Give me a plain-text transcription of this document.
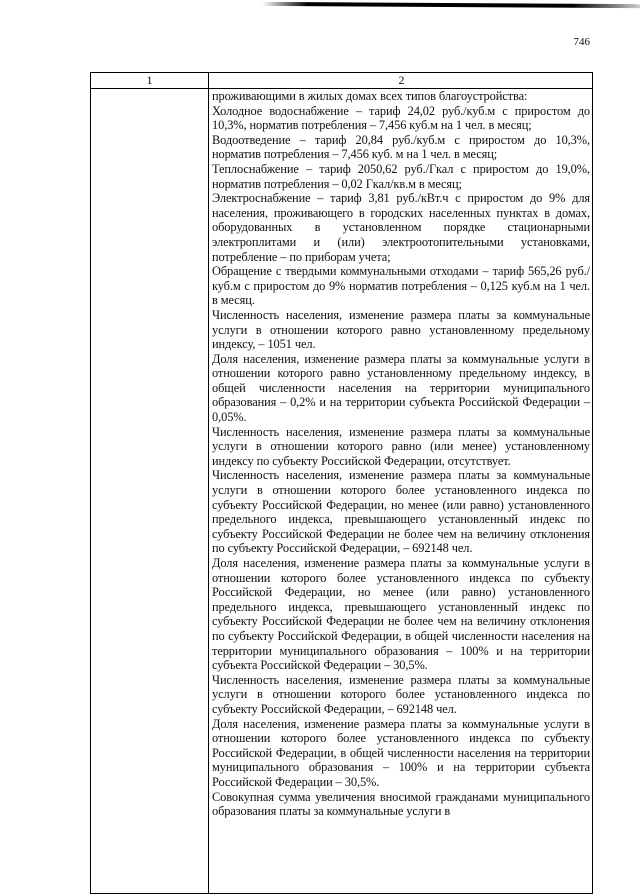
746
1	2

проживающими в жилых домах всех типов благоустройства:

Холодное водоснабжение – тариф 24,02 руб./куб.м с приростом до 10,3%, норматив потребления – 7,456 куб.м на 1 чел. в месяц;

Водоотведение – тариф 20,84 руб./куб.м с приростом до 10,3%, норматив потребления – 7,456 куб. м на 1 чел. в месяц;

Теплоснабжение – тариф 2050,62 руб./Гкал с приростом до 19,0%, норматив потребления – 0,02 Гкал/кв.м в месяц;

Электроснабжение – тариф 3,81 руб./кВт.ч с приростом до 9% для населения, проживающего в городских населенных пунктах в домах, оборудованных в установленном порядке стационарными электроплитами и (или) электроотопительными установками, потребление – по приборам учета;

Обращение с твердыми коммунальными отходами – тариф 565,26 руб./куб.м с приростом до 9% норматив потребления – 0,125 куб.м на 1 чел. в месяц.

Численность населения, изменение размера платы за коммунальные услуги в отношении которого равно установленному предельному индексу, – 1051 чел.

Доля населения, изменение размера платы за коммунальные услуги в отношении которого равно установленному предельному индексу, в общей численности населения на территории муниципального образования – 0,2% и на территории субъекта Российской Федерации – 0,05%.

Численность населения, изменение размера платы за коммунальные услуги в отношении которого равно (или менее) установленному индексу по субъекту Российской Федерации, отсутствует.

Численность населения, изменение размера платы за коммунальные услуги в отношении которого более установленного индекса по субъекту Российской Федерации, но менее (или равно) установленного предельного индекса, превышающего установленный индекс по субъекту Российской Федерации не более чем на величину отклонения по субъекту Российской Федерации, – 692148 чел.

Доля населения, изменение размера платы за коммунальные услуги в отношении которого более установленного индекса по субъекту Российской Федерации, но менее (или равно) установленного предельного индекса, превышающего установленный индекс по субъекту Российской Федерации не более чем на величину отклонения по субъекту Российской Федерации, в общей численности населения на территории муниципального образования – 100% и на территории субъекта Российской Федерации – 30,5%.

Численность населения, изменение размера платы за коммунальные услуги в отношении которого более установленного индекса по субъекту Российской Федерации, – 692148 чел.

Доля населения, изменение размера платы за коммунальные услуги в отношении которого более установленного индекса по субъекту Российской Федерации, в общей численности населения на территории муниципального образования – 100% и на территории субъекта Российской Федерации – 30,5%.

Совокупная сумма увеличения вносимой гражданами муниципального образования платы за коммунальные услуги в
